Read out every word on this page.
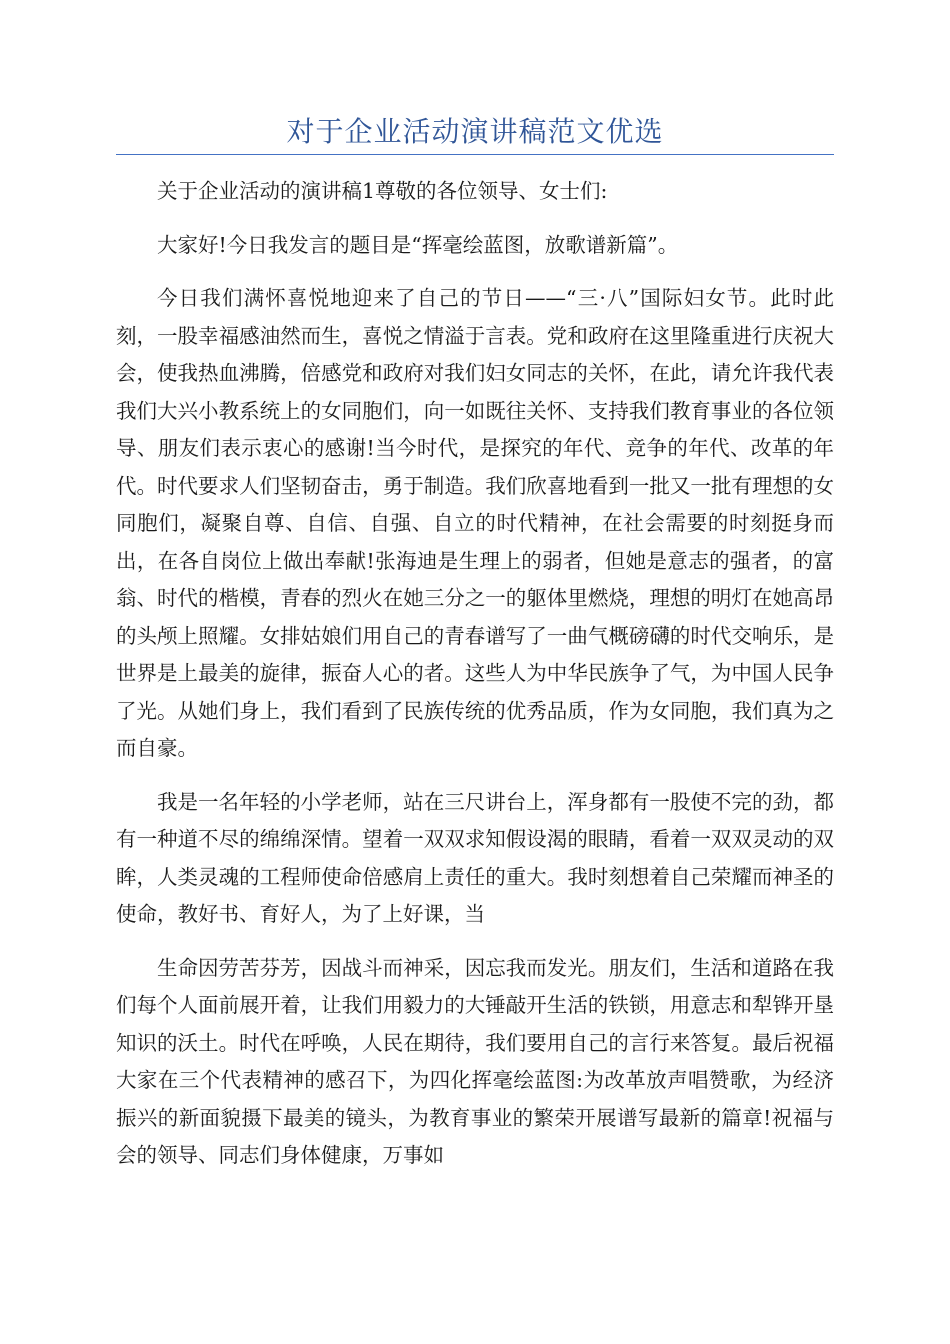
对于企业活动演讲稿范文优选

关于企业活动的演讲稿1尊敬的各位领导、女士们:

大家好!今日我发言的题目是“挥毫绘蓝图，放歌谱新篇”。

今日我们满怀喜悦地迎来了自己的节日——“三·八”国际妇女节。此时此刻，一股幸福感油然而生，喜悦之情溢于言表。党和政府在这里隆重进行庆祝大会，使我热血沸腾，倍感党和政府对我们妇女同志的关怀，在此，请允许我代表我们大兴小教系统上的女同胞们，向一如既往关怀、支持我们教育事业的各位领导、朋友们表示衷心的感谢!当今时代，是探究的年代、竞争的年代、改革的年代。时代要求人们坚韧奋击，勇于制造。我们欣喜地看到一批又一批有理想的女同胞们，凝聚自尊、自信、自强、自立的时代精神，在社会需要的时刻挺身而出，在各自岗位上做出奉献!张海迪是生理上的弱者，但她是意志的强者，的富翁、时代的楷模，青春的烈火在她三分之一的躯体里燃烧，理想的明灯在她高昂的头颅上照耀。女排姑娘们用自己的青春谱写了一曲气概磅礴的时代交响乐，是世界是上最美的旋律，振奋人心的者。这些人为中华民族争了气，为中国人民争了光。从她们身上，我们看到了民族传统的优秀品质，作为女同胞，我们真为之而自豪。

我是一名年轻的小学老师，站在三尺讲台上，浑身都有一股使不完的劲，都有一种道不尽的绵绵深情。望着一双双求知假设渴的眼睛，看着一双双灵动的双眸，人类灵魂的工程师使命倍感肩上责任的重大。我时刻想着自己荣耀而神圣的使命，教好书、育好人，为了上好课，当

生命因劳苦芬芳，因战斗而神采，因忘我而发光。朋友们，生活和道路在我们每个人面前展开着，让我们用毅力的大锤敲开生活的铁锁，用意志和犁铧开垦知识的沃土。时代在呼唤，人民在期待，我们要用自己的言行来答复。最后祝福大家在三个代表精神的感召下，为四化挥毫绘蓝图:为改革放声唱赞歌，为经济振兴的新面貌摄下最美的镜头，为教育事业的繁荣开展谱写最新的篇章!祝福与会的领导、同志们身体健康，万事如
